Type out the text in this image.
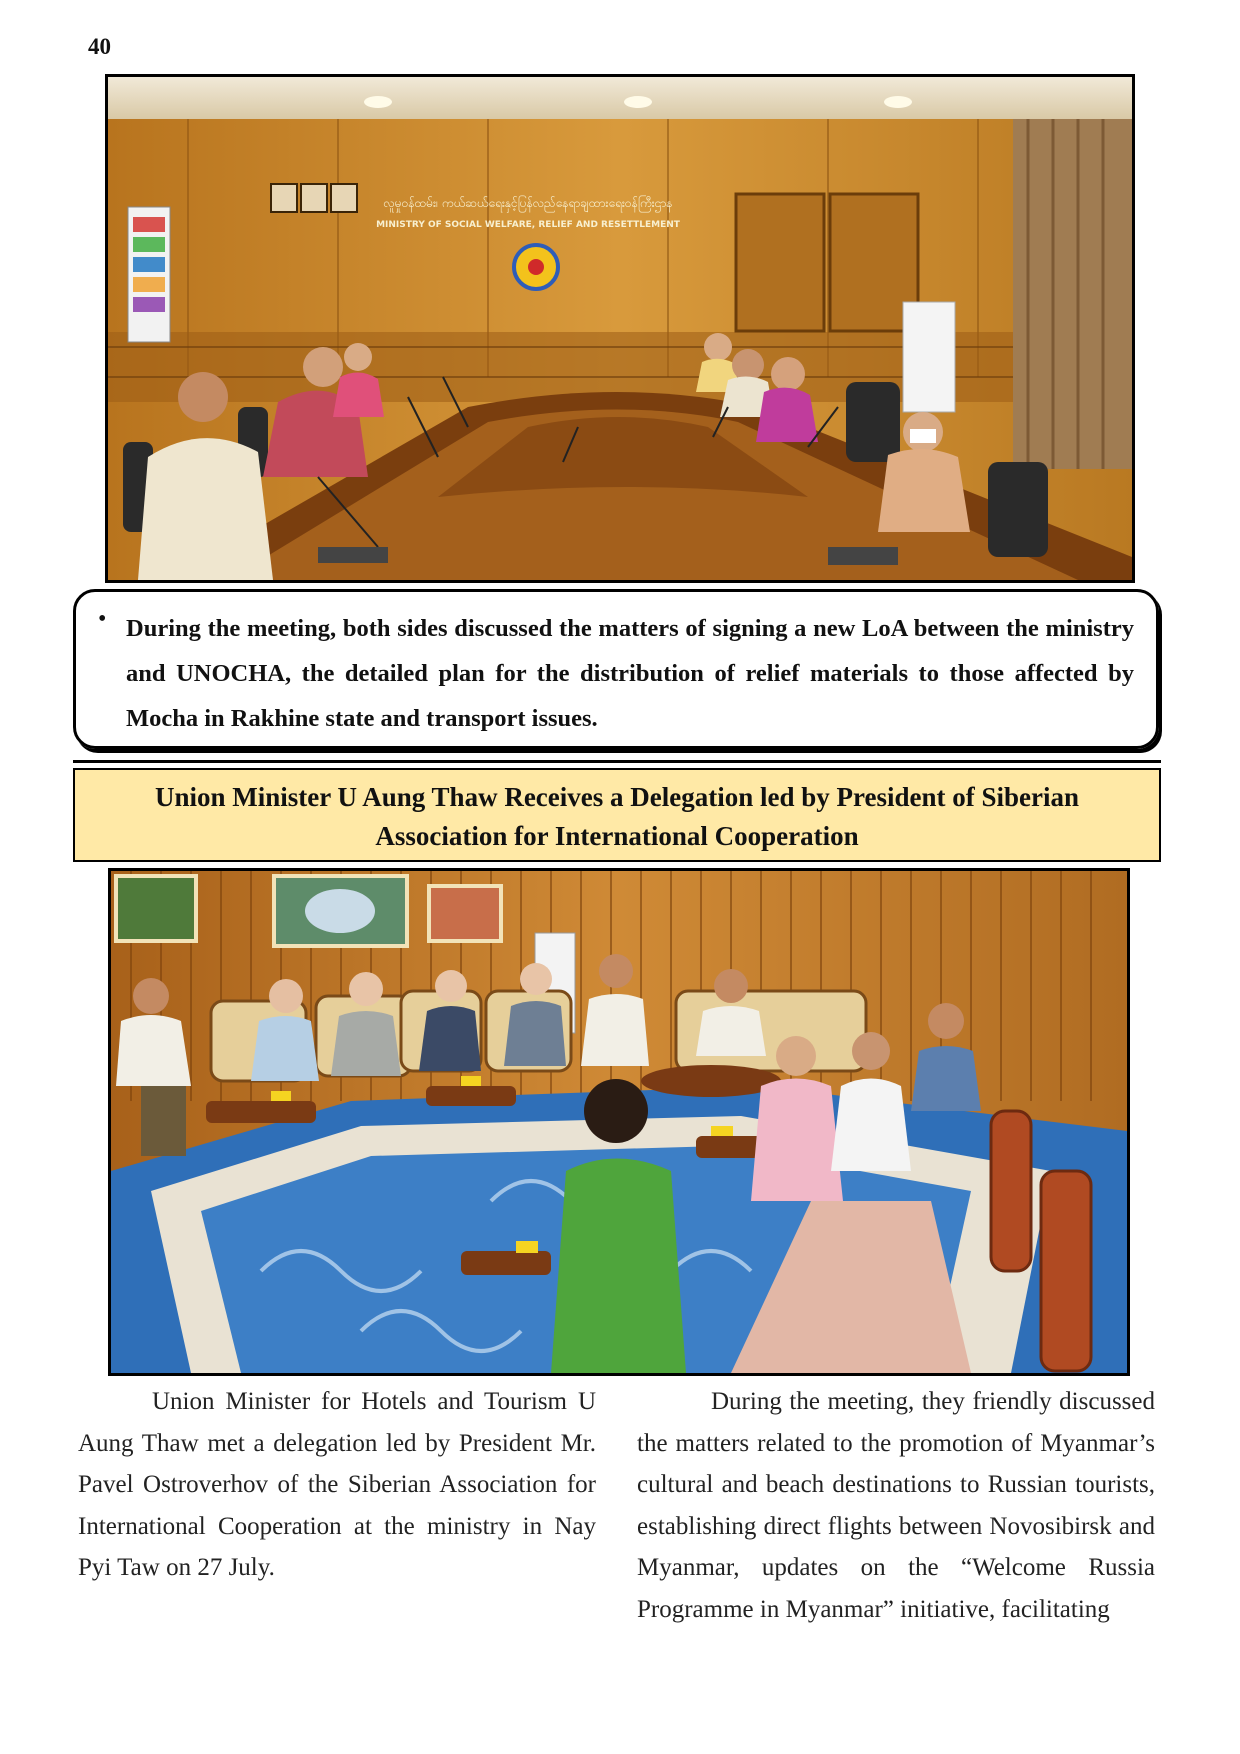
40
လူမှုဝန်ထမ်း၊ ကယ်ဆယ်ရေးနှင့်ပြန်လည်နေရာချထားရေးဝန်ကြီးဌာန
MINISTRY OF SOCIAL WELFARE, RELIEF AND RESETTLEMENT
• During the meeting, both sides discussed the matters of signing a new LoA between the ministry and UNOCHA, the detailed plan for the distribution of relief materials to those affected by Mocha in Rakhine state and transport issues.

Union Minister U Aung Thaw Receives a Delegation led by President of Siberian
Association for International Cooperation

Union Minister for Hotels and Tourism U Aung Thaw met a delegation led by President Mr. Pavel Ostroverhov of the Siberian Association for International Cooperation at the ministry in Nay Pyi Taw on 27 July.

During the meeting, they friendly discussed the matters related to the promotion of Myanmar’s cultural and beach destinations to Russian tourists, establishing direct flights between Novosibirsk and Myanmar, updates on the “Welcome Russia Programme in Myanmar” initiative, facilitating
